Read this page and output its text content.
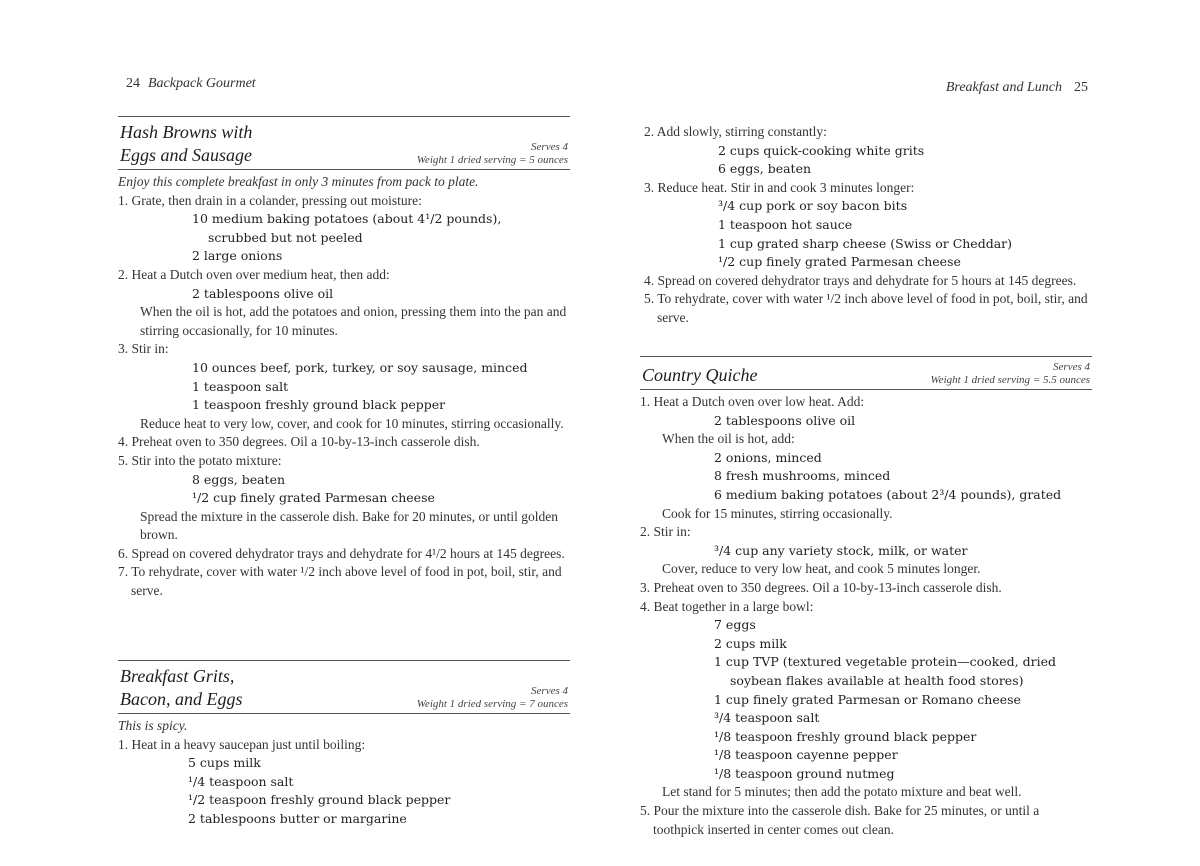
24 Backpack Gourmet
Hash Browns with
Eggs and Sausage	Serves 4
Weight 1 dried serving = 5 ounces
Enjoy this complete breakfast in only 3 minutes from pack to plate.
1. Grate, then drain in a colander, pressing out moisture:
10 medium baking potatoes (about 4¹/2 pounds),
scrubbed but not peeled
2 large onions
2. Heat a Dutch oven over medium heat, then add:
2 tablespoons olive oil
When the oil is hot, add the potatoes and onion, pressing them into the pan and stirring occasionally, for 10 minutes.
3. Stir in:
10 ounces beef, pork, turkey, or soy sausage, minced
1 teaspoon salt
1 teaspoon freshly ground black pepper
Reduce heat to very low, cover, and cook for 10 minutes, stirring occasionally.
4. Preheat oven to 350 degrees. Oil a 10-by-13-inch casserole dish.
5. Stir into the potato mixture:
8 eggs, beaten
¹/2 cup finely grated Parmesan cheese
Spread the mixture in the casserole dish. Bake for 20 minutes, or until golden brown.
6. Spread on covered dehydrator trays and dehydrate for 4¹/2 hours at 145 degrees.
7. To rehydrate, cover with water ¹/2 inch above level of food in pot, boil, stir, and serve.
Breakfast Grits,
Bacon, and Eggs	Serves 4
Weight 1 dried serving = 7 ounces
This is spicy.
1. Heat in a heavy saucepan just until boiling:
5 cups milk
¹/4 teaspoon salt
¹/2 teaspoon freshly ground black pepper
2 tablespoons butter or margarine
Breakfast and Lunch 25
2. Add slowly, stirring constantly:
2 cups quick-cooking white grits
6 eggs, beaten
3. Reduce heat. Stir in and cook 3 minutes longer:
³/4 cup pork or soy bacon bits
1 teaspoon hot sauce
1 cup grated sharp cheese (Swiss or Cheddar)
¹/2 cup finely grated Parmesan cheese
4. Spread on covered dehydrator trays and dehydrate for 5 hours at 145 degrees.
5. To rehydrate, cover with water ¹/2 inch above level of food in pot, boil, stir, and serve.
Country Quiche	Serves 4
Weight 1 dried serving = 5.5 ounces
1. Heat a Dutch oven over low heat. Add:
2 tablespoons olive oil
When the oil is hot, add:
2 onions, minced
8 fresh mushrooms, minced
6 medium baking potatoes (about 2³/4 pounds), grated
Cook for 15 minutes, stirring occasionally.
2. Stir in:
³/4 cup any variety stock, milk, or water
Cover, reduce to very low heat, and cook 5 minutes longer.
3. Preheat oven to 350 degrees. Oil a 10-by-13-inch casserole dish.
4. Beat together in a large bowl:
7 eggs
2 cups milk
1 cup TVP (textured vegetable protein—cooked, dried
soybean flakes available at health food stores)
1 cup finely grated Parmesan or Romano cheese
³/4 teaspoon salt
¹/8 teaspoon freshly ground black pepper
¹/8 teaspoon cayenne pepper
¹/8 teaspoon ground nutmeg
Let stand for 5 minutes; then add the potato mixture and beat well.
5. Pour the mixture into the casserole dish. Bake for 25 minutes, or until a toothpick inserted in center comes out clean.
